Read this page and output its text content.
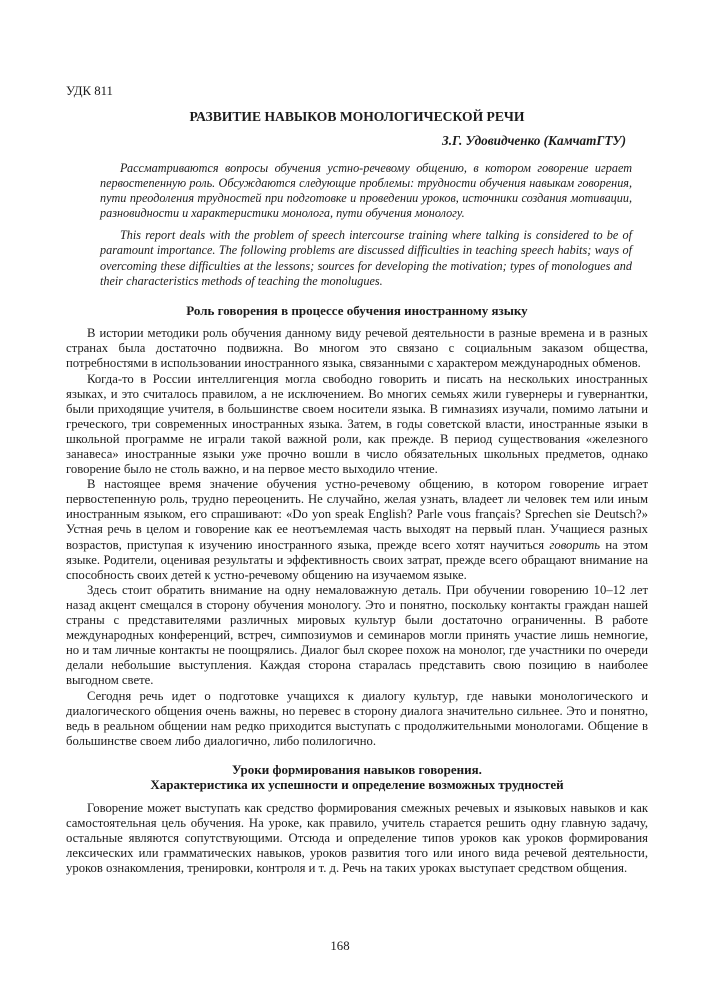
УДК 811
РАЗВИТИЕ НАВЫКОВ МОНОЛОГИЧЕСКОЙ РЕЧИ
З.Г. Удовидченко (КамчатГТУ)

Рассматриваются вопросы обучения устно-речевому общению, в котором говорение играет первостепенную роль. Обсуждаются следующие проблемы: трудности обучения навыкам говорения, пути преодоления трудностей при подготовке и проведении уроков, источники создания мотивации, разновидности и характеристики монолога, пути обучения монологу.

This report deals with the problem of speech intercourse training where talking is considered to be of paramount importance. The following problems are discussed difficulties in teaching speech habits; ways of overcoming these difficulties at the lessons; sources for developing the motivation; types of monologues and their characteristics methods of teaching the monolugues.

Роль говорения в процессе обучения иностранному языку

В истории методики роль обучения данному виду речевой деятельности в разные времена и в разных странах была достаточно подвижна. Во многом это связано с социальным заказом общества, потребностями в использовании иностранного языка, связанными с характером международных обменов.

Когда-то в России интеллигенция могла свободно говорить и писать на нескольких иностранных языках, и это считалось правилом, а не исключением. Во многих семьях жили гувернеры и гувернантки, были приходящие учителя, в большинстве своем носители языка. В гимназиях изучали, помимо латыни и греческого, три современных иностранных языка. Затем, в годы советской власти, иностранные языки в школьной программе не играли такой важной роли, как прежде. В период существования «железного занавеса» иностранные языки уже прочно вошли в число обязательных школьных предметов, однако говорение было не столь важно, и на первое место выходило чтение.

В настоящее время значение обучения устно-речевому общению, в котором говорение играет первостепенную роль, трудно переоценить. Не случайно, желая узнать, владеет ли человек тем или иным иностранным языком, его спрашивают: «Do yon speak English? Parle vous français? Sprechen sie Deutsch?» Устная речь в целом и говорение как ее неотъемлемая часть выходят на первый план. Учащиеся разных возрастов, приступая к изучению иностранного языка, прежде всего хотят научиться говорить на этом языке. Родители, оценивая результаты и эффективность своих затрат, прежде всего обращают внимание на способность своих детей к устно-речевому общению на изучаемом языке.

Здесь стоит обратить внимание на одну немаловажную деталь. При обучении говорению 10–12 лет назад акцент смещался в сторону обучения монологу. Это и понятно, поскольку контакты граждан нашей страны с представителями различных мировых культур были достаточно ограниченны. В работе международных конференций, встреч, симпозиумов и семинаров могли принять участие лишь немногие, но и там личные контакты не поощрялись. Диалог был скорее похож на монолог, где участники по очереди делали небольшие выступления. Каждая сторона старалась представить свою позицию в наиболее выгодном свете.

Сегодня речь идет о подготовке учащихся к диалогу культур, где навыки монологического и диалогического общения очень важны, но перевес в сторону диалога значительно сильнее. Это и понятно, ведь в реальном общении нам редко приходится выступать с продолжительными монологами. Общение в большинстве своем либо диалогично, либо полилогично.

Уроки формирования навыков говорения.
Характеристика их успешности и определение возможных трудностей

Говорение может выступать как средство формирования смежных речевых и языковых навыков и как самостоятельная цель обучения. На уроке, как правило, учитель старается решить одну главную задачу, остальные являются сопутствующими. Отсюда и определение типов уроков как уроков формирования лексических или грамматических навыков, уроков развития того или иного вида речевой деятельности, уроков ознакомления, тренировки, контроля и т. д. Речь на таких уроках выступает средством общения.

168
